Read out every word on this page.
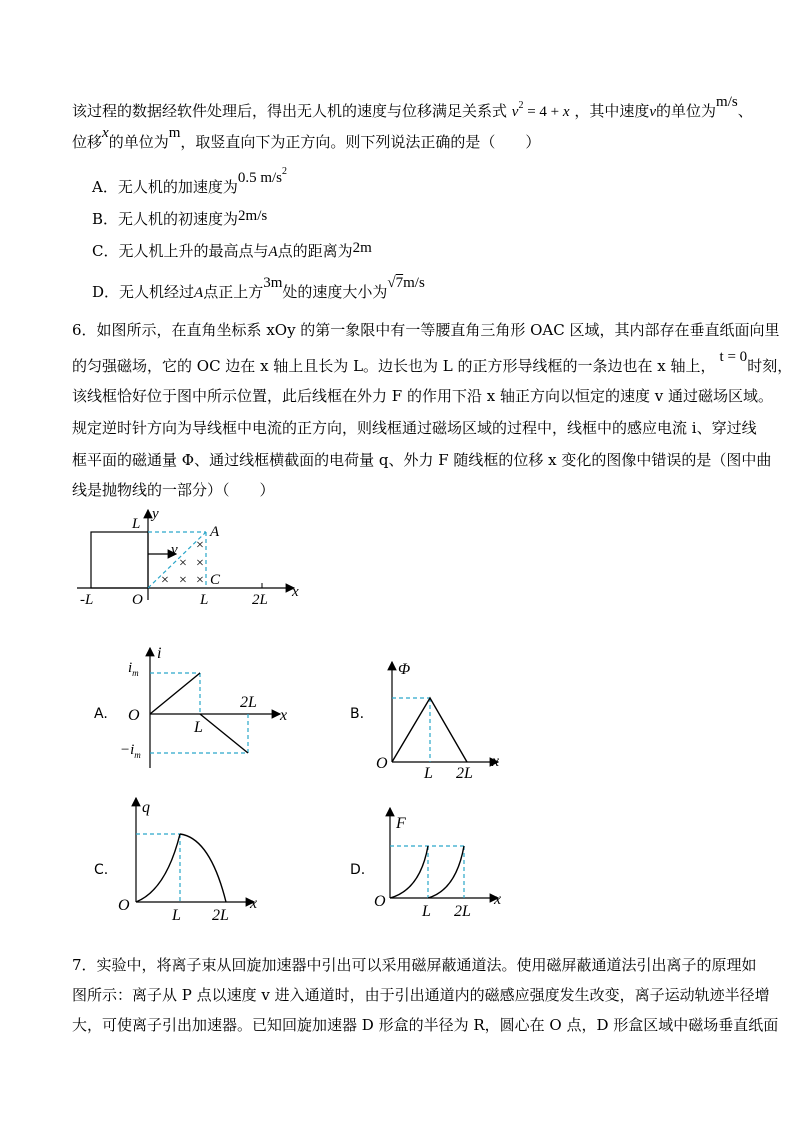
该过程的数据经软件处理后，得出无人机的速度与位移满足关系式 $v^2 = 4 + x$ ，其中速度v的单位为m/s、
位移x的单位为m，取竖直向下为正方向。则下列说法正确的是（　　）
A．无人机的加速度为0.5 $m/s^2$
B．无人机的初速度为2m/s
C．无人机上升的最高点与A点的距离为2m
D．无人机经过A点正上方3m处的速度大小为√7m/s
6．如图所示，在直角坐标系 xOy 的第一象限中有一等腰直角三角形 OAC 区域，其内部存在垂直纸面向里
的匀强磁场，它的 OC 边在 x 轴上且长为 L。边长也为 L 的正方形导线框的一条边也在 x 轴上， t = 0时刻，
该线框恰好位于图中所示位置，此后线框在外力 F 的作用下沿 x 轴正方向以恒定的速度 v 通过磁场区域。
规定逆时针方向为导线框中电流的正方向，则线框通过磁场区域的过程中，线框中的感应电流 i、穿过线
框平面的磁通量 Φ、通过线框横截面的电荷量 q、外力 F 随线框的位移 x 变化的图像中错误的是（图中曲
线是抛物线的一部分）（　　）
×
× ×
× × ×
y
L	A
v
C
-L	O	L	2L x
A.
i
$i_m$
O
L
2L
x
$-i_m$
B.
Φ
O
L 2L
x
C.
q
O
L 2L
x
D.
F
O
L 2L
x
7．实验中，将离子束从回旋加速器中引出可以采用磁屏蔽通道法。使用磁屏蔽通道法引出离子的原理如
图所示：离子从 P 点以速度 v 进入通道时，由于引出通道内的磁感应强度发生改变，离子运动轨迹半径增
大，可使离子引出加速器。已知回旋加速器 D 形盒的半径为 R，圆心在 O 点，D 形盒区域中磁场垂直纸面
